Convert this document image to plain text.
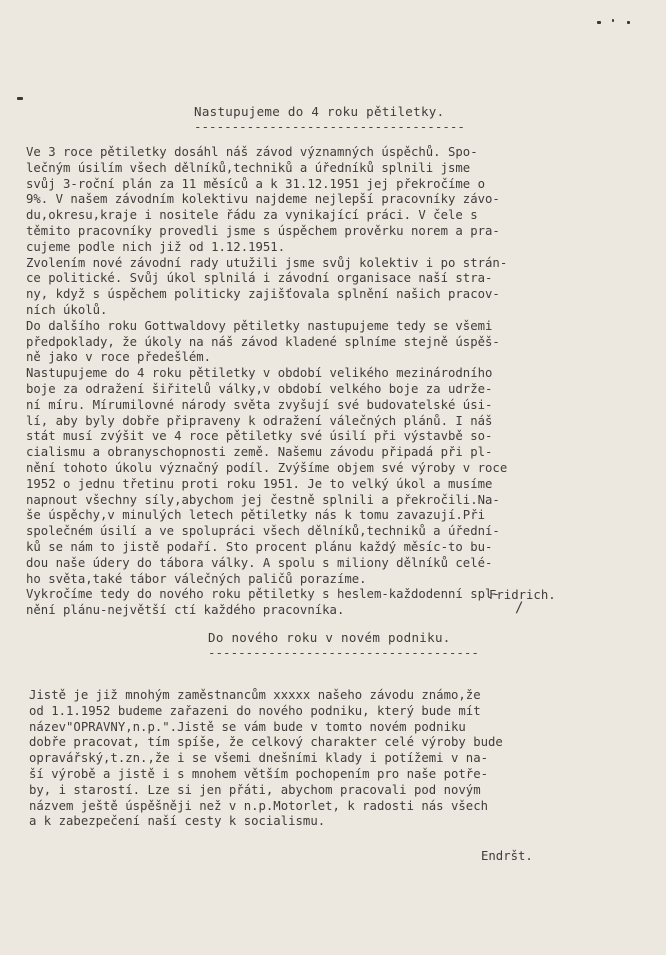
Nastupujeme do 4 roku pětiletky.
------------------------------------
Ve 3 roce pětiletky dosáhl náš závod významných úspěchů. Spo-
lečným úsilím všech dělníků,techniků a úředníků splnili jsme
svůj 3-roční plán za 11 měsíců a k 31.12.1951 jej překročíme o
9%. V našem závodním kolektivu najdeme nejlepší pracovníky závo-
du,okresu,kraje i nositele řádu za vynikající práci. V čele s
těmito pracovníky provedli jsme s úspěchem prověrku norem a pra-
cujeme podle nich již od 1.12.1951.
Zvolením nové závodní rady utužili jsme svůj kolektiv i po strán-
ce politické. Svůj úkol splnilá i závodní organisace naší stra-
ny, když s úspěchem politicky zajišťovala splnění našich pracov-
ních úkolů.
Do dalšího roku Gottwaldovy pětiletky nastupujeme tedy se všemi
předpoklady, že úkoly na náš závod kladené splníme stejně úspěš-
ně jako v roce předešlém.
Nastupujeme do 4 roku pětiletky v období velikého mezinárodního
boje za odražení šiřitelů války,v období velkého boje za udrže-
ní míru. Mírumilovné národy světa zvyšují své budovatelské úsi-
lí, aby byly dobře připraveny k odražení válečných plánů. I náš
stát musí zvýšit ve 4 roce pětiletky své úsilí při výstavbě so-
cialismu a obranyschopnosti země. Našemu závodu připadá při pl-
nění tohoto úkolu význačný podíl. Zvýšíme objem své výroby v roce
1952 o jednu třetinu proti roku 1951. Je to velký úkol a musíme
napnout všechny síly,abychom jej čestně splnili a překročili.Na-
še úspěchy,v minulých letech pětiletky nás k tomu zavazují.Při
společném úsilí a ve spolupráci všech dělníků,techniků a úřední-
ků se nám to jistě podaří. Sto procent plánu každý měsíc-to bu-
dou naše údery do tábora války. A spolu s miliony dělníků celé-
ho světa,také tábor válečných paličů porazíme.
Vykročíme tedy do nového roku pětiletky s heslem-každodenní spl-
nění plánu-největší ctí každého pracovníka.
Fridrich.
/
Do nového roku v novém podniku.
------------------------------------
Jistě je již mnohým zaměstnancům xxxxx našeho závodu známo,že
od 1.1.1952 budeme zařazeni do nového podniku, který bude mít
název"OPRAVNY,n.p.".Jistě se vám bude v tomto novém podniku
dobře pracovat, tím spíše, že celkový charakter celé výroby bude
opravářský,t.zn.,že i se všemi dnešními klady i potížemi v na-
ší výrobě a jistě i s mnohem větším pochopením pro naše potře-
by, i starostí. Lze si jen přáti, abychom pracovali pod novým
názvem ještě úspěšněji než v n.p.Motorlet, k radosti nás všech
a k zabezpečení naší cesty k socialismu.
Endršt.
